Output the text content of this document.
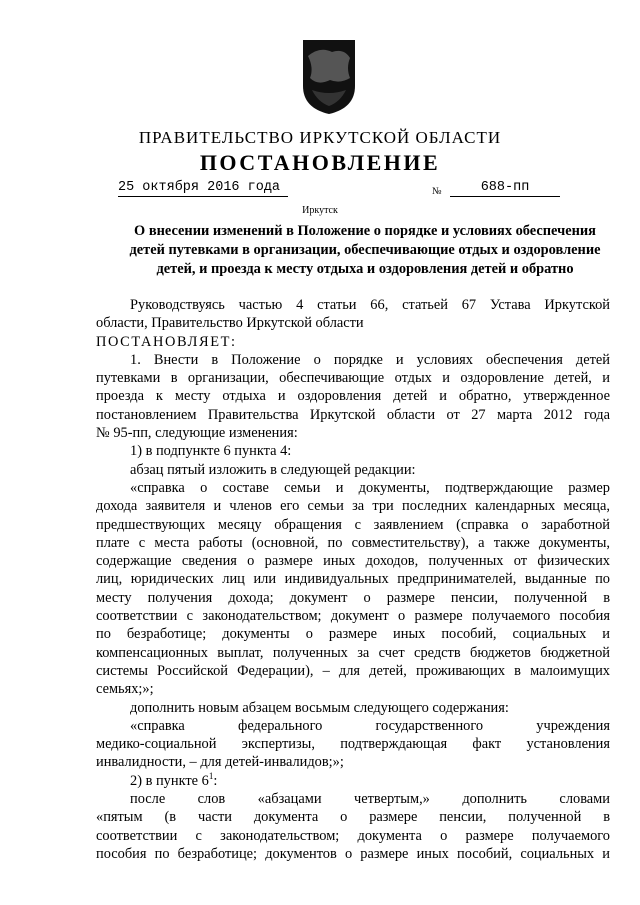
ПРАВИТЕЛЬСТВО ИРКУТСКОЙ ОБЛАСТИ
ПОСТАНОВЛЕНИЕ
25 октября 2016 года	№	688-пп
Иркутск
О внесении изменений в Положение о порядке и условиях обеспечения
детей путевками в организации, обеспечивающие отдых и оздоровление
детей, и проезда к месту отдыха и оздоровления детей и обратно
Руководствуясь частью 4 статьи 66, статьей 67 Устава Иркутской
области, Правительство Иркутской области
ПОСТАНОВЛЯЕТ:
1. Внести в Положение о порядке и условиях обеспечения детей
путевками в организации, обеспечивающие отдых и оздоровление детей, и
проезда к месту отдыха и оздоровления детей и обратно, утвержденное
постановлением Правительства Иркутской области от 27 марта 2012 года
№ 95-пп, следующие изменения:
1) в подпункте 6 пункта 4:
абзац пятый изложить в следующей редакции:
«справка о составе семьи и документы, подтверждающие размер
дохода заявителя и членов его семьи за три последних календарных месяца,
предшествующих месяцу обращения с заявлением (справка о заработной
плате с места работы (основной, по совместительству), а также документы,
содержащие сведения о размере иных доходов, полученных от физических
лиц, юридических лиц или индивидуальных предпринимателей, выданные по
месту получения дохода; документ о размере пенсии, полученной в
соответствии с законодательством; документ о размере получаемого пособия
по безработице; документы о размере иных пособий, социальных и
компенсационных выплат, полученных за счет средств бюджетов бюджетной
системы Российской Федерации), – для детей, проживающих в малоимущих
семьях;»;
дополнить новым абзацем восьмым следующего содержания:
«справка федерального государственного учреждения
медико-социальной экспертизы, подтверждающая факт установления
инвалидности, – для детей-инвалидов;»;
2) в пункте $6^1$:
после слов «абзацами четвертым,» дополнить словами
«пятым (в части документа о размере пенсии, полученной в
соответствии с законодательством; документа о размере получаемого
пособия по безработице; документов о размере иных пособий, социальных и
